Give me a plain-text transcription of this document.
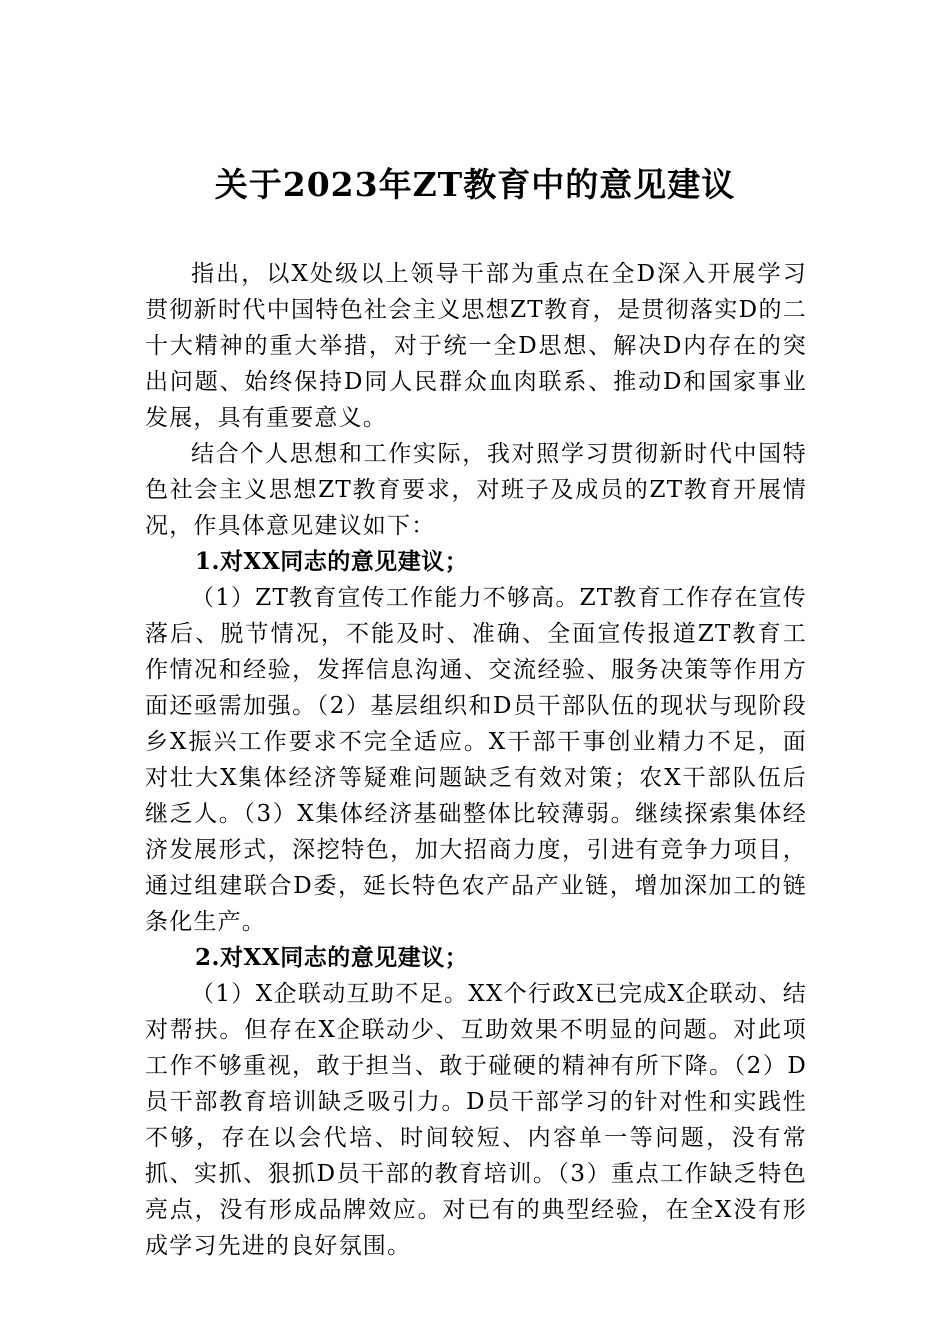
关于2023年ZT教育中的意见建议

指出，以X处级以上领导干部为重点在全D深入开展学习贯彻新时代中国特色社会主义思想ZT教育，是贯彻落实D的二十大精神的重大举措，对于统一全D思想、解决D内存在的突出问题、始终保持D同人民群众血肉联系、推动D和国家事业发展，具有重要意义。

结合个人思想和工作实际，我对照学习贯彻新时代中国特色社会主义思想ZT教育要求，对班子及成员的ZT教育开展情况，作具体意见建议如下：

1.对XX同志的意见建议；

（1）ZT教育宣传工作能力不够高。ZT教育工作存在宣传落后、脱节情况，不能及时、准确、全面宣传报道ZT教育工作情况和经验，发挥信息沟通、交流经验、服务决策等作用方面还亟需加强。（2）基层组织和D员干部队伍的现状与现阶段乡X振兴工作要求不完全适应。X干部干事创业精力不足，面对壮大X集体经济等疑难问题缺乏有效对策；农X干部队伍后继乏人。（3）X集体经济基础整体比较薄弱。继续探索集体经济发展形式，深挖特色，加大招商力度，引进有竞争力项目，通过组建联合D委，延长特色农产品产业链，增加深加工的链条化生产。

2.对XX同志的意见建议；

（1）X企联动互助不足。XX个行政X已完成X企联动、结对帮扶。但存在X企联动少、互助效果不明显的问题。对此项工作不够重视，敢于担当、敢于碰硬的精神有所下降。（2）D员干部教育培训缺乏吸引力。D员干部学习的针对性和实践性不够，存在以会代培、时间较短、内容单一等问题，没有常抓、实抓、狠抓D员干部的教育培训。（3）重点工作缺乏特色亮点，没有形成品牌效应。对已有的典型经验，在全X没有形成学习先进的良好氛围。
